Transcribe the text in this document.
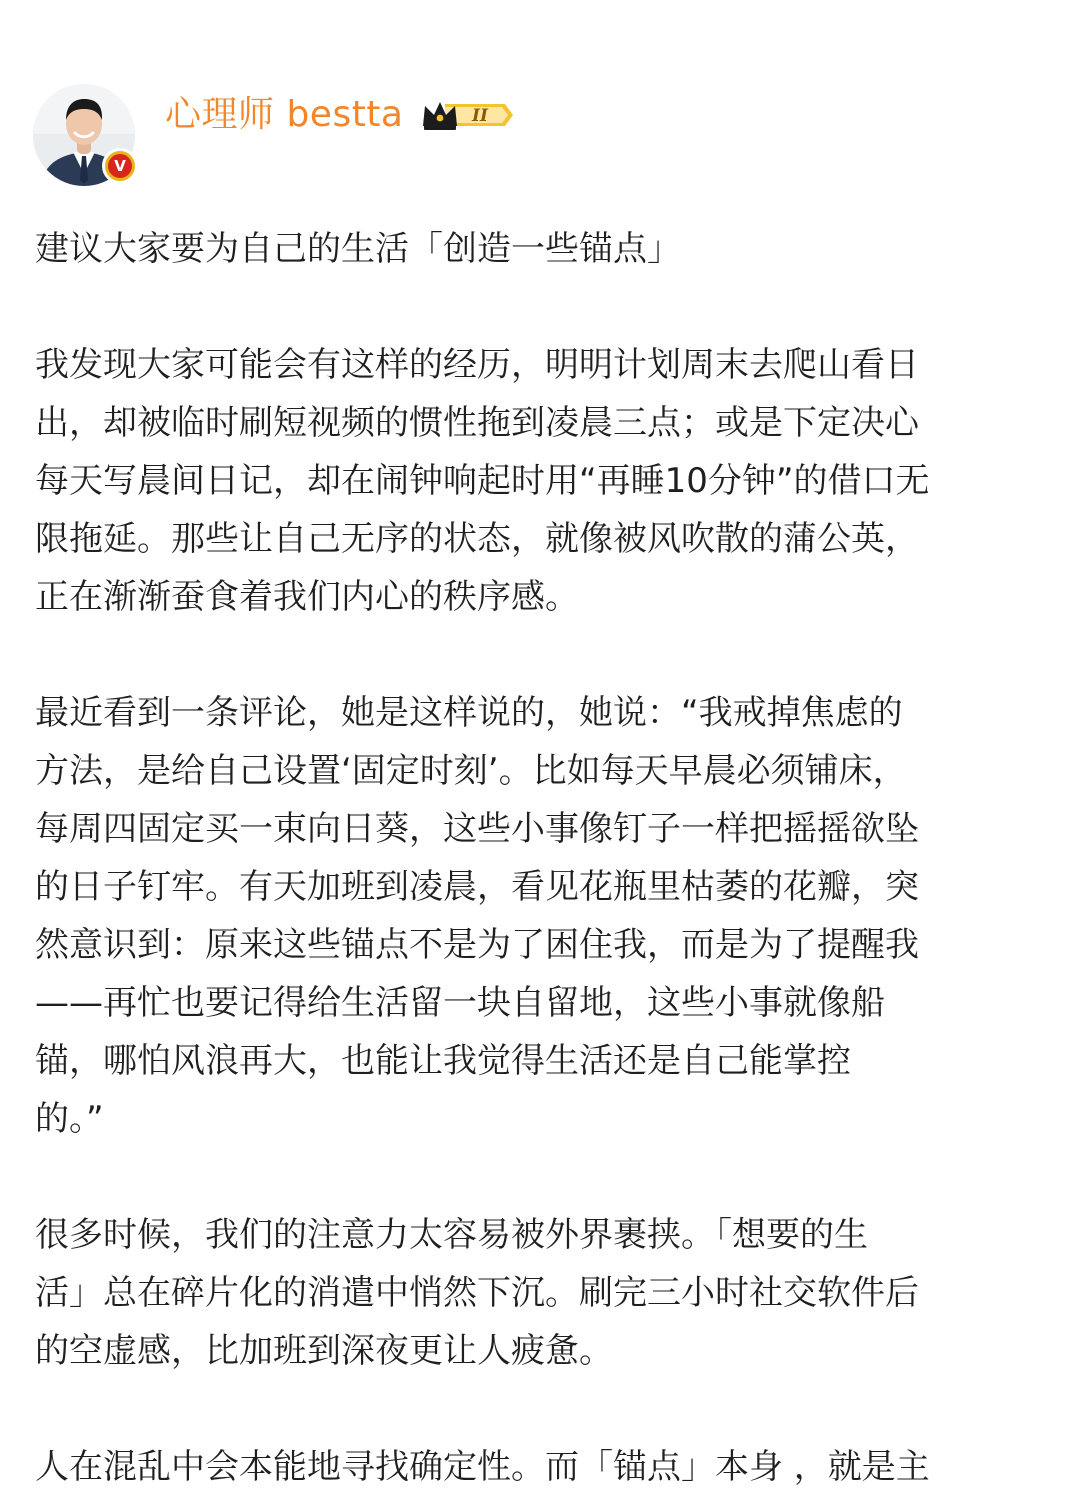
V
心理师 bestta	II
建议大家要为自己的生活「创造一些锚点」
我发现大家可能会有这样的经历，明明计划周末去爬山看日
出，却被临时刷短视频的惯性拖到凌晨三点；或是下定决心
每天写晨间日记，却在闹钟响起时用“再睡10分钟”的借口无
限拖延。那些让自己无序的状态，就像被风吹散的蒲公英，
正在渐渐蚕食着我们内心的秩序感。
最近看到一条评论，她是这样说的，她说：“我戒掉焦虑的
方法，是给自己设置‘固定时刻’。比如每天早晨必须铺床，
每周四固定买一束向日葵，这些小事像钉子一样把摇摇欲坠
的日子钉牢。有天加班到凌晨，看见花瓶里枯萎的花瓣，突
然意识到：原来这些锚点不是为了困住我，而是为了提醒我
——再忙也要记得给生活留一块自留地，这些小事就像船
锚，哪怕风浪再大，也能让我觉得生活还是自己能掌控
的。”
很多时候，我们的注意力太容易被外界裹挟。「想要的生
活」总在碎片化的消遣中悄然下沉。刷完三小时社交软件后
的空虚感，比加班到深夜更让人疲惫。
人在混乱中会本能地寻找确定性。而「锚点」本身 ，就是主
